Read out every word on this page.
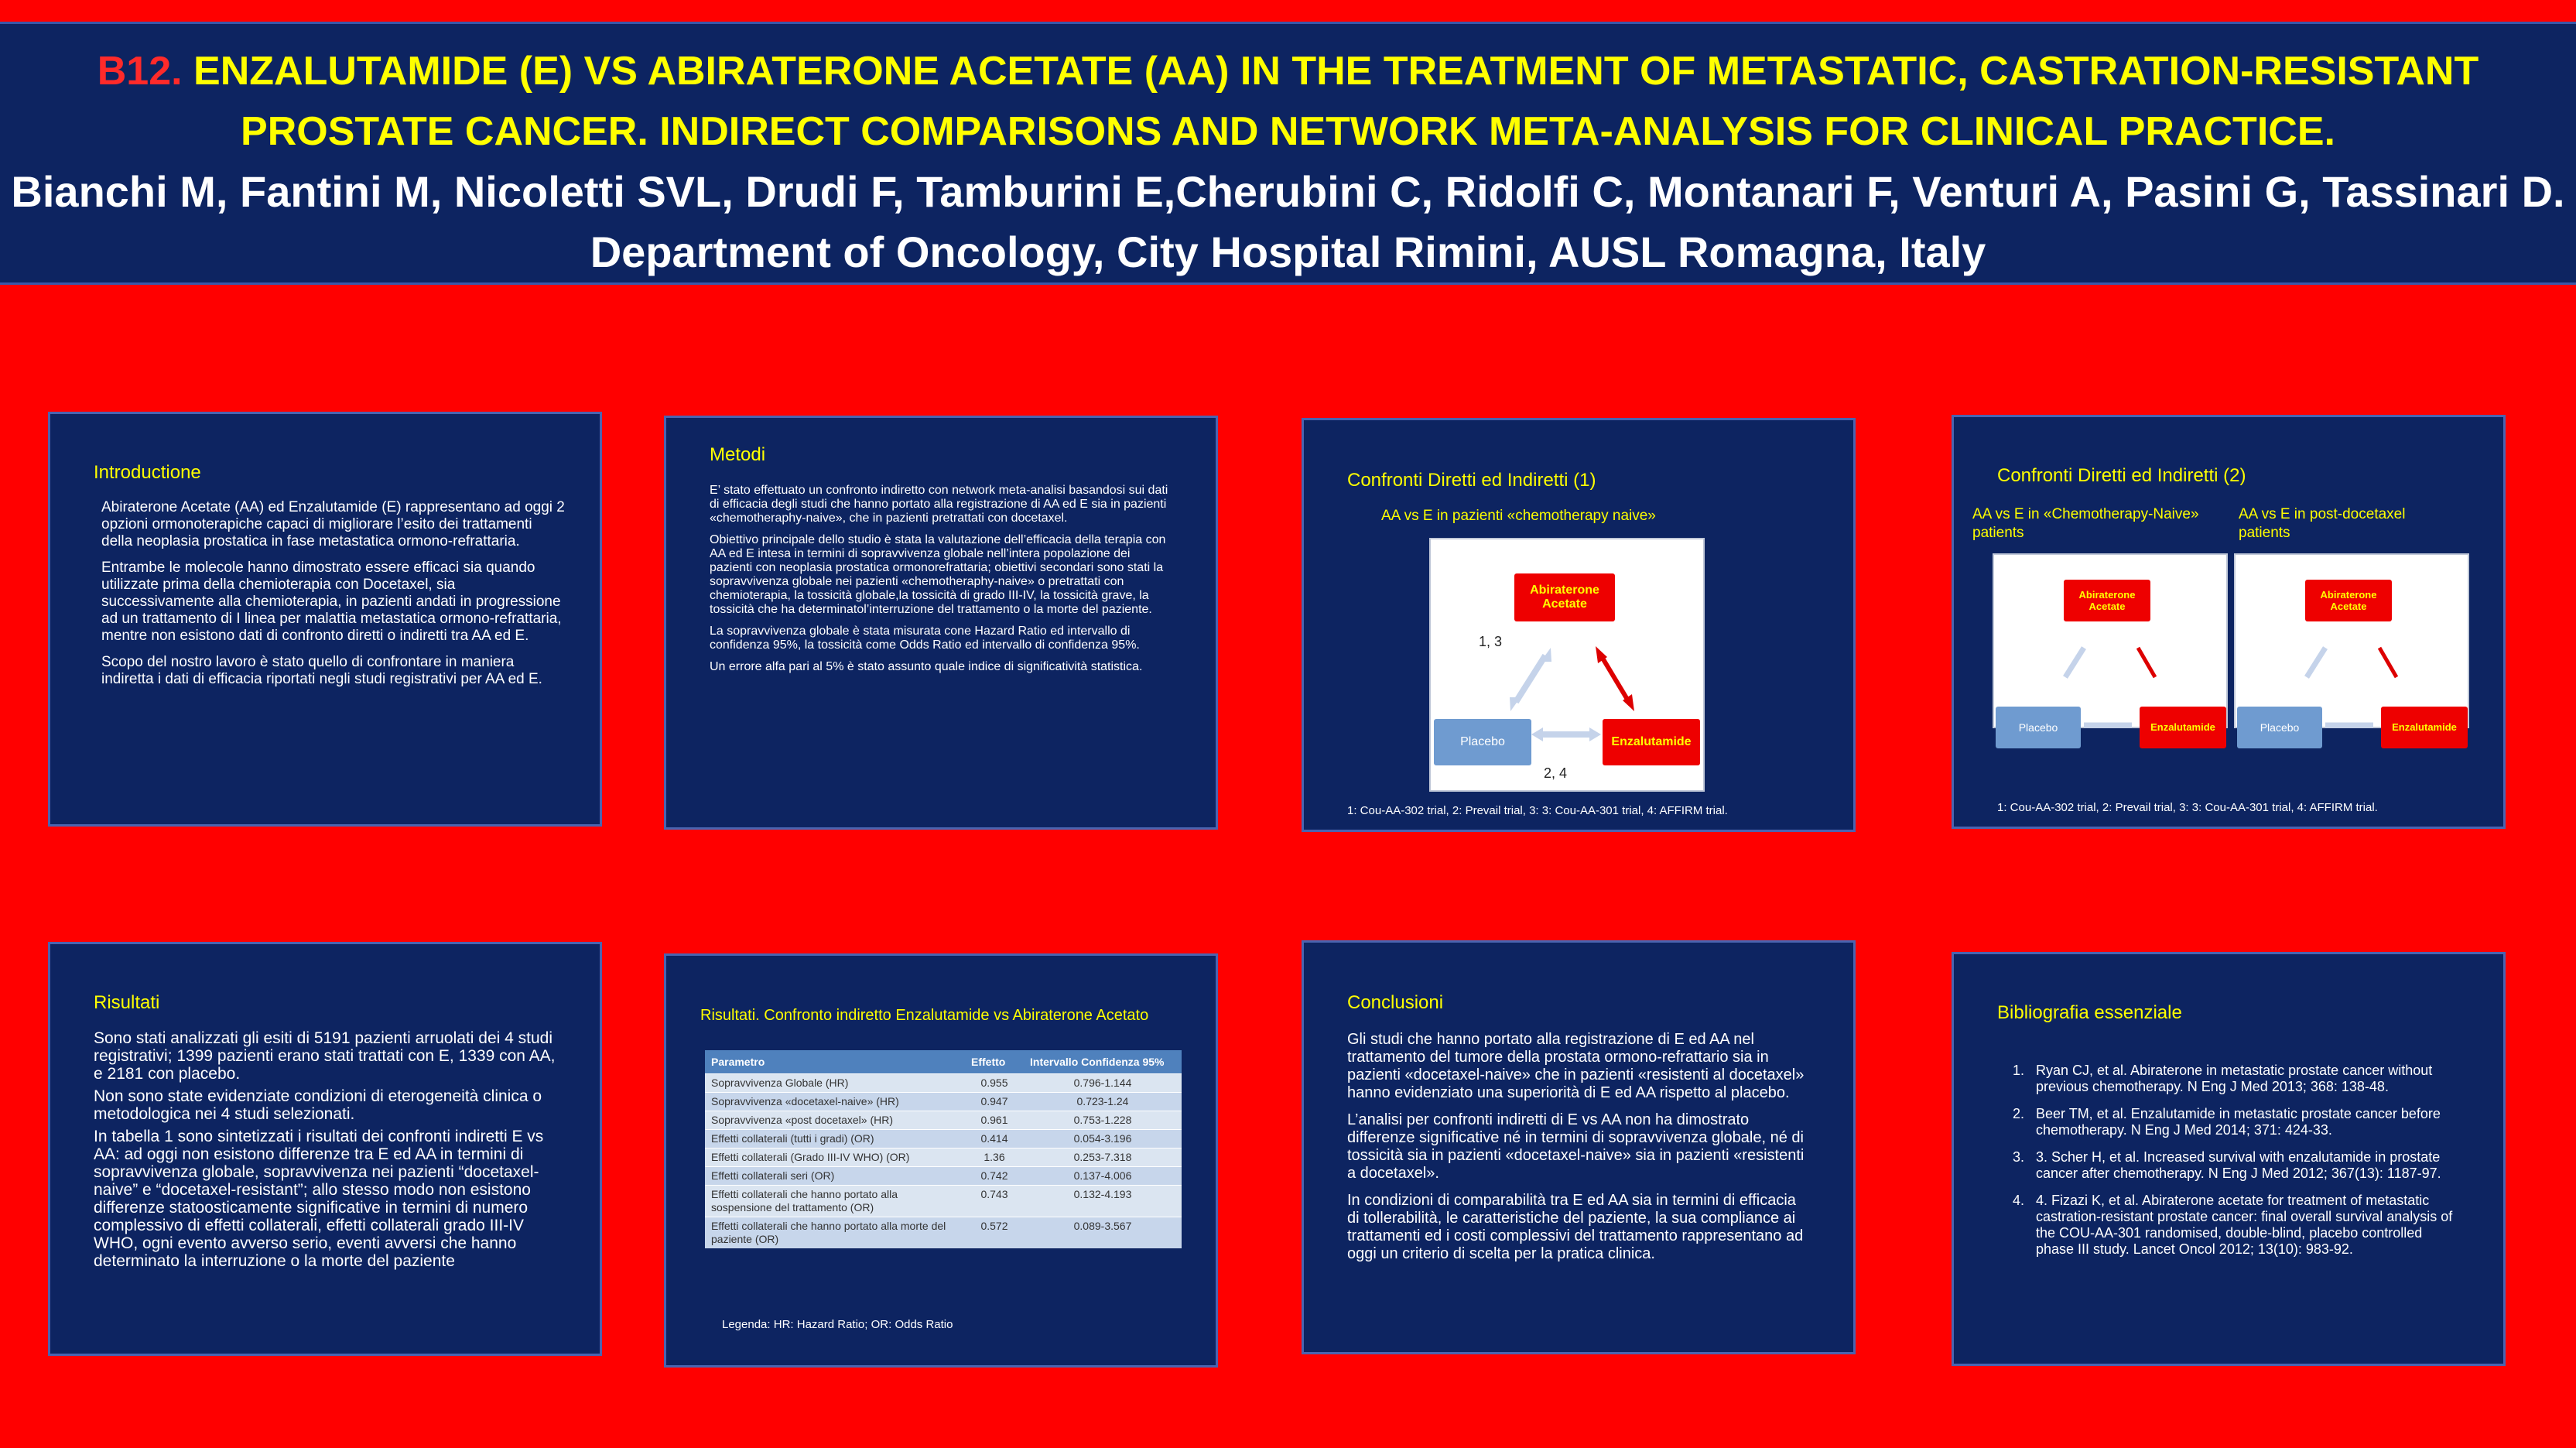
B12. ENZALUTAMIDE (E) VS ABIRATERONE ACETATE (AA) IN THE TREATMENT OF METASTATIC, CASTRATION-RESISTANT
PROSTATE CANCER. INDIRECT COMPARISONS AND NETWORK META-ANALYSIS FOR CLINICAL PRACTICE.
Bianchi M, Fantini M, Nicoletti SVL, Drudi F, Tamburini E,Cherubini C, Ridolfi C, Montanari F, Venturi A, Pasini G, Tassinari D.
Department of Oncology, City Hospital Rimini, AUSL Romagna, Italy
Introductione

Abiraterone Acetate (AA) ed Enzalutamide (E) rappresentano ad oggi 2 opzioni ormonoterapiche capaci di migliorare l’esito dei trattamenti della neoplasia prostatica in fase metastatica ormono-refrattaria.

Entrambe le molecole hanno dimostrato essere efficaci sia quando utilizzate prima della chemioterapia con Docetaxel, sia successivamente alla chemioterapia, in pazienti andati in progressione ad un trattamento di I linea per malattia metastatica ormono-refrattaria, mentre non esistono dati di confronto diretti o indiretti tra AA ed E.

Scopo del nostro lavoro è stato quello di confrontare in maniera indiretta i dati di efficacia riportati negli studi registrativi per AA ed E.

Metodi

E’ stato effettuato un confronto indiretto con network meta-analisi basandosi sui dati di efficacia degli studi che hanno portato alla registrazione di AA ed E sia in pazienti «chemotheraphy-naive», che in pazienti pretrattati con docetaxel.

Obiettivo principale dello studio è stata la valutazione dell’efficacia della terapia con AA ed E intesa in termini di sopravvivenza globale nell’intera popolazione dei pazienti con neoplasia prostatica ormonorefrattaria; obiettivi secondari sono stati la sopravvivenza globale nei pazienti «chemotheraphy-naive» o pretrattati con chemioterapia, la tossicità globale,la tossicità di grado III-IV, la tossicità grave, la tossicità che ha determinatol’interruzione del trattamento o la morte del paziente.

La sopravvivenza globale è stata misurata cone Hazard Ratio ed intervallo di confidenza 95%, la tossicità come Odds Ratio ed intervallo di confidenza 95%.

Un errore alfa pari al 5% è stato assunto quale indice di significatività statistica.

Confronti Diretti ed Indiretti (1)
AA vs E in pazienti «chemotherapy naive»
Abiraterone Acetate
Placebo	Enzalutamide
1, 3
2, 4
1: Cou-AA-302 trial, 2: Prevail trial, 3: 3: Cou-AA-301 trial, 4: AFFIRM trial.
Confronti Diretti ed Indiretti (2)
AA vs E in «Chemotherapy-Naive» patients
AA vs E in post-docetaxel patients
Abiraterone Acetate
Placebo	Enzalutamide
Abiraterone Acetate
Placebo	Enzalutamide
1: Cou-AA-302 trial, 2: Prevail trial, 3: 3: Cou-AA-301 trial, 4: AFFIRM trial.
Risultati

Sono stati analizzati gli esiti di 5191 pazienti arruolati dei 4 studi registrativi; 1399 pazienti erano stati trattati con E, 1339 con AA, e 2181 con placebo.

Non sono state evidenziate condizioni di eterogeneità clinica o metodologica nei 4 studi selezionati.

In tabella 1 sono sintetizzati i risultati dei confronti indiretti E vs AA: ad oggi non esistono differenze tra E ed AA in termini di sopravvivenza globale, sopravvivenza nei pazienti “docetaxel-naive” e “docetaxel-resistant”; allo stesso modo non esistono differenze statoosticamente significative in termini di numero complessivo di effetti collaterali, effetti collaterali grado III-IV WHO, ogni evento avverso serio, eventi avversi che hanno determinato la interruzione o la morte del paziente

Risultati. Confronto indiretto Enzalutamide vs Abiraterone Acetato
Parametro	Effetto	Intervallo Confidenza 95%
Sopravvivenza Globale (HR)	0.955	0.796-1.144
Sopravvivenza «docetaxel-naive» (HR)	0.947	0.723-1.24
Sopravvivenza «post docetaxel» (HR)	0.961	0.753-1.228
Effetti collaterali (tutti i gradi) (OR)	0.414	0.054-3.196
Effetti collaterali (Grado III-IV WHO) (OR)	1.36	0.253-7.318
Effetti collaterali seri (OR)	0.742	0.137-4.006
Effetti collaterali che hanno portato alla sospensione del trattamento (OR)	0.743	0.132-4.193
Effetti collaterali che hanno portato alla morte del paziente (OR)	0.572	0.089-3.567
Legenda: HR: Hazard Ratio; OR: Odds Ratio
Conclusioni

Gli studi che hanno portato alla registrazione di E ed AA nel trattamento del tumore della prostata ormono-refrattario sia in pazienti «docetaxel-naive» che in pazienti «resistenti al docetaxel» hanno evidenziato una superiorità di E ed AA rispetto al placebo.

L’analisi per confronti indiretti di E vs AA non ha dimostrato differenze significative né in termini di sopravvivenza globale, né di tossicità sia in pazienti «docetaxel-naive» sia in pazienti «resistenti a docetaxel».

In condizioni di comparabilità tra E ed AA sia in termini di efficacia di tollerabilità, le caratteristiche del paziente, la sua compliance ai trattamenti ed i costi complessivi del trattamento rappresentano ad oggi un criterio di scelta per la pratica clinica.

Bibliografia essenziale
1. Ryan CJ, et al. Abiraterone in metastatic prostate cancer without previous chemotherapy. N Eng J Med 2013; 368: 138-48.
2. Beer TM, et al. Enzalutamide in metastatic prostate cancer before chemotherapy. N Eng J Med 2014; 371: 424-33.
3. 3. Scher H, et al. Increased survival with enzalutamide in prostate cancer after chemotherapy. N Eng J Med 2012; 367(13): 1187-97.
4. 4. Fizazi K, et al. Abiraterone acetate for treatment of metastatic castration-resistant prostate cancer: final overall survival analysis of the COU-AA-301 randomised, double-blind, placebo controlled phase III study. Lancet Oncol 2012; 13(10): 983-92.
